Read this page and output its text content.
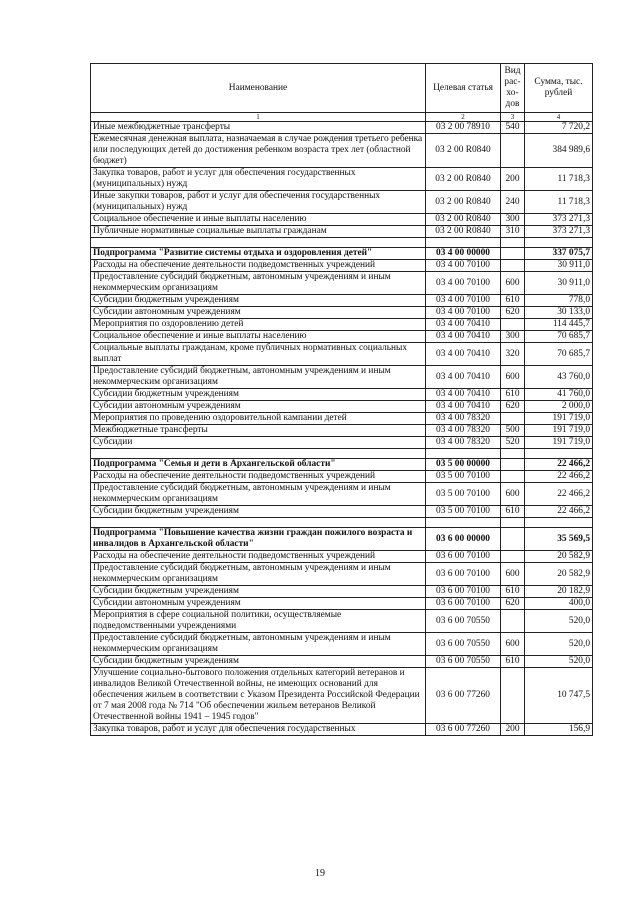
Наименование	Целевая статья	Вид рас-хо-дов	Сумма, тыс. рублей
1	2	3	4
Иные межбюджетные трансферты	03 2 00 78910	540	7 720,2
Ежемесячная денежная выплата, назначаемая в случае рождения третьего ребенка или последующих детей до достижения ребенком возраста трех лет (областной бюджет)	03 2 00 R0840		384 989,6
Закупка товаров, работ и услуг для обеспечения государственных (муниципальных) нужд	03 2 00 R0840	200	11 718,3
Иные закупки товаров, работ и услуг для обеспечения государственных (муниципальных) нужд	03 2 00 R0840	240	11 718,3
Социальное обеспечение и иные выплаты населению	03 2 00 R0840	300	373 271,3
Публичные нормативные социальные выплаты гражданам	03 2 00 R0840	310	373 271,3

Подпрограмма "Развитие системы отдыха и оздоровления детей"	03 4 00 00000		337 075,7
Расходы на обеспечение деятельности подведомственных учреждений	03 4 00 70100		30 911,0
Предоставление субсидий бюджетным, автономным учреждениям и иным некоммерческим организациям	03 4 00 70100	600	30 911,0
Субсидии бюджетным учреждениям	03 4 00 70100	610	778,0
Субсидии автономным учреждениям	03 4 00 70100	620	30 133,0
Мероприятия по оздоровлению детей	03 4 00 70410		114 445,7
Социальное обеспечение и иные выплаты населению	03 4 00 70410	300	70 685,7
Социальные выплаты гражданам, кроме публичных нормативных социальных выплат	03 4 00 70410	320	70 685,7
Предоставление субсидий бюджетным, автономным учреждениям и иным некоммерческим организациям	03 4 00 70410	600	43 760,0
Субсидии бюджетным учреждениям	03 4 00 70410	610	41 760,0
Субсидии автономным учреждениям	03 4 00 70410	620	2 000,0
Мероприятия по проведению оздоровительной кампании детей	03 4 00 78320		191 719,0
Межбюджетные трансферты	03 4 00 78320	500	191 719,0
Субсидии	03 4 00 78320	520	191 719,0

Подпрограмма "Семья и дети в Архангельской области"	03 5 00 00000		22 466,2
Расходы на обеспечение деятельности подведомственных учреждений	03 5 00 70100		22 466,2
Предоставление субсидий бюджетным, автономным учреждениям и иным некоммерческим организациям	03 5 00 70100	600	22 466,2
Субсидии бюджетным учреждениям	03 5 00 70100	610	22 466,2

Подпрограмма "Повышение качества жизни граждан пожилого возраста и инвалидов в Архангельской области"	03 6 00 00000		35 569,5
Расходы на обеспечение деятельности подведомственных учреждений	03 6 00 70100		20 582,9
Предоставление субсидий бюджетным, автономным учреждениям и иным некоммерческим организациям	03 6 00 70100	600	20 582,9
Субсидии бюджетным учреждениям	03 6 00 70100	610	20 182,9
Субсидии автономным учреждениям	03 6 00 70100	620	400,0
Мероприятия в сфере социальной политики, осуществляемые подведомственными учреждениями	03 6 00 70550		520,0
Предоставление субсидий бюджетным, автономным учреждениям и иным некоммерческим организациям	03 6 00 70550	600	520,0
Субсидии бюджетным учреждениям	03 6 00 70550	610	520,0
Улучшение социально-бытового положения отдельных категорий ветеранов и инвалидов Великой Отечественной войны, не имеющих оснований для обеспечения жильем в соответствии с Указом Президента Российской Федерации от 7 мая 2008 года № 714 "Об обеспечении жильем ветеранов Великой Отечественной войны 1941 – 1945 годов"	03 6 00 77260		10 747,5
Закупка товаров, работ и услуг для обеспечения государственных	03 6 00 77260	200	156,9
19
